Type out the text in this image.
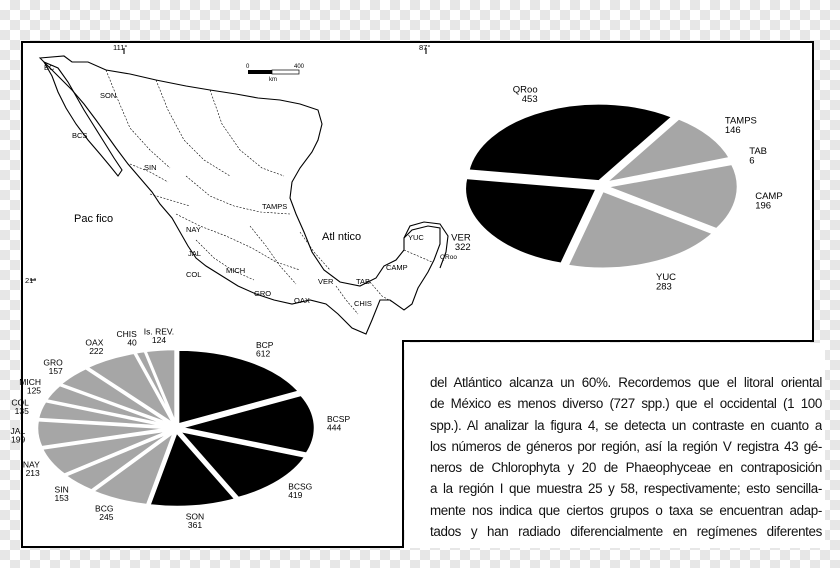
111°	87°
21°
BC
SON
BCS
SIN
TAMPS
NAY
JAL
COL	MICH
GRO
OAX
VER	TAB
CHIS
CAMP
YUC
QRoo
Pac fico
Atl ntico
0	400
km
QRoo
453
TAMPS
146
TAB
6
CAMP
196
YUC
283
VER
322
BCP
612
BCSP
444
BCSG
419
SON
361
BCG
245
SIN
153
NAY
213
JAL
199
COL
135
MICH
125
GRO
157
OAX
222
CHIS
40
Is. REV.
124
del Atlántico alcanza un 60%. Recordemos que el litoral oriental
de México es menos diverso (727 spp.) que el occidental (1 100
spp.). Al analizar la figura 4, se detecta un contraste en cuanto a
los números de géneros por región, así la región V registra 43 gé-
neros de Chlorophyta y 20 de Phaeophyceae en contraposición
a la región I que muestra 25 y 58, respectivamente; esto sencilla-
mente nos indica que ciertos grupos o taxa se encuentran adap-
tados y han radiado diferencialmente en regímenes diferentes
